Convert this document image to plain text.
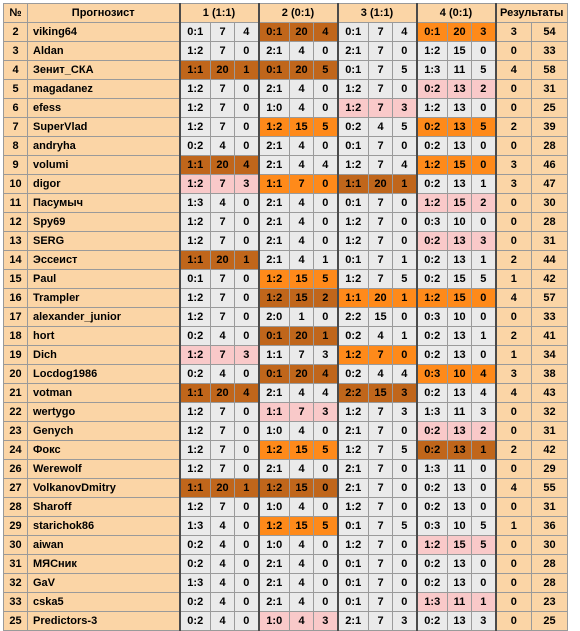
№	Прогнозист	1 (1:1)			2 (0:1)			3 (1:1)			4 (0:1)			Результаты	
2	viking64	0:1	7	4	0:1	20	4	0:1	7	4	0:1	20	3	3	54
3	Aldan	1:2	7	0	2:1	4	0	2:1	7	0	1:2	15	0	0	33
4	Зенит_СКА	1:1	20	1	0:1	20	5	0:1	7	5	1:3	11	5	4	58
5	magadanez	1:2	7	0	2:1	4	0	1:2	7	0	0:2	13	2	0	31
6	efess	1:2	7	0	1:0	4	0	1:2	7	3	1:2	13	0	0	25
7	SuperVlad	1:2	7	0	1:2	15	5	0:2	4	5	0:2	13	5	2	39
8	andryha	0:2	4	0	2:1	4	0	0:1	7	0	0:2	13	0	0	28
9	volumi	1:1	20	4	2:1	4	4	1:2	7	4	1:2	15	0	3	46
10	digor	1:2	7	3	1:1	7	0	1:1	20	1	0:2	13	1	3	47
11	Пасумыч	1:3	4	0	2:1	4	0	0:1	7	0	1:2	15	2	0	30
12	Spy69	1:2	7	0	2:1	4	0	1:2	7	0	0:3	10	0	0	28
13	SERG	1:2	7	0	2:1	4	0	1:2	7	0	0:2	13	3	0	31
14	Эссеист	1:1	20	1	2:1	4	1	0:1	7	1	0:2	13	1	2	44
15	Paul	0:1	7	0	1:2	15	5	1:2	7	5	0:2	15	5	1	42
16	Trampler	1:2	7	0	1:2	15	2	1:1	20	1	1:2	15	0	4	57
17	alexander_junior	1:2	7	0	2:0	1	0	2:2	15	0	0:3	10	0	0	33
18	hort	0:2	4	0	0:1	20	1	0:2	4	1	0:2	13	1	2	41
19	Dich	1:2	7	3	1:1	7	3	1:2	7	0	0:2	13	0	1	34
20	Locdog1986	0:2	4	0	0:1	20	4	0:2	4	4	0:3	10	4	3	38
21	votman	1:1	20	4	2:1	4	4	2:2	15	3	0:2	13	4	4	43
22	wertygo	1:2	7	0	1:1	7	3	1:2	7	3	1:3	11	3	0	32
23	Genych	1:2	7	0	1:0	4	0	2:1	7	0	0:2	13	2	0	31
24	Фокс	1:2	7	0	1:2	15	5	1:2	7	5	0:2	13	1	2	42
26	Werewolf	1:2	7	0	2:1	4	0	2:1	7	0	1:3	11	0	0	29
27	VolkanovDmitry	1:1	20	1	1:2	15	0	2:1	7	0	0:2	13	0	4	55
28	Sharoff	1:2	7	0	1:0	4	0	1:2	7	0	0:2	13	0	0	31
29	starichok86	1:3	4	0	1:2	15	5	0:1	7	5	0:3	10	5	1	36
30	aiwan	0:2	4	0	1:0	4	0	1:2	7	0	1:2	15	5	0	30
31	МЯСник	0:2	4	0	2:1	4	0	0:1	7	0	0:2	13	0	0	28
32	GaV	1:3	4	0	2:1	4	0	0:1	7	0	0:2	13	0	0	28
33	cska5	0:2	4	0	2:1	4	0	0:1	7	0	1:3	11	1	0	23
25	Predictors-3	0:2	4	0	1:0	4	3	2:1	7	3	0:2	13	3	0	25
